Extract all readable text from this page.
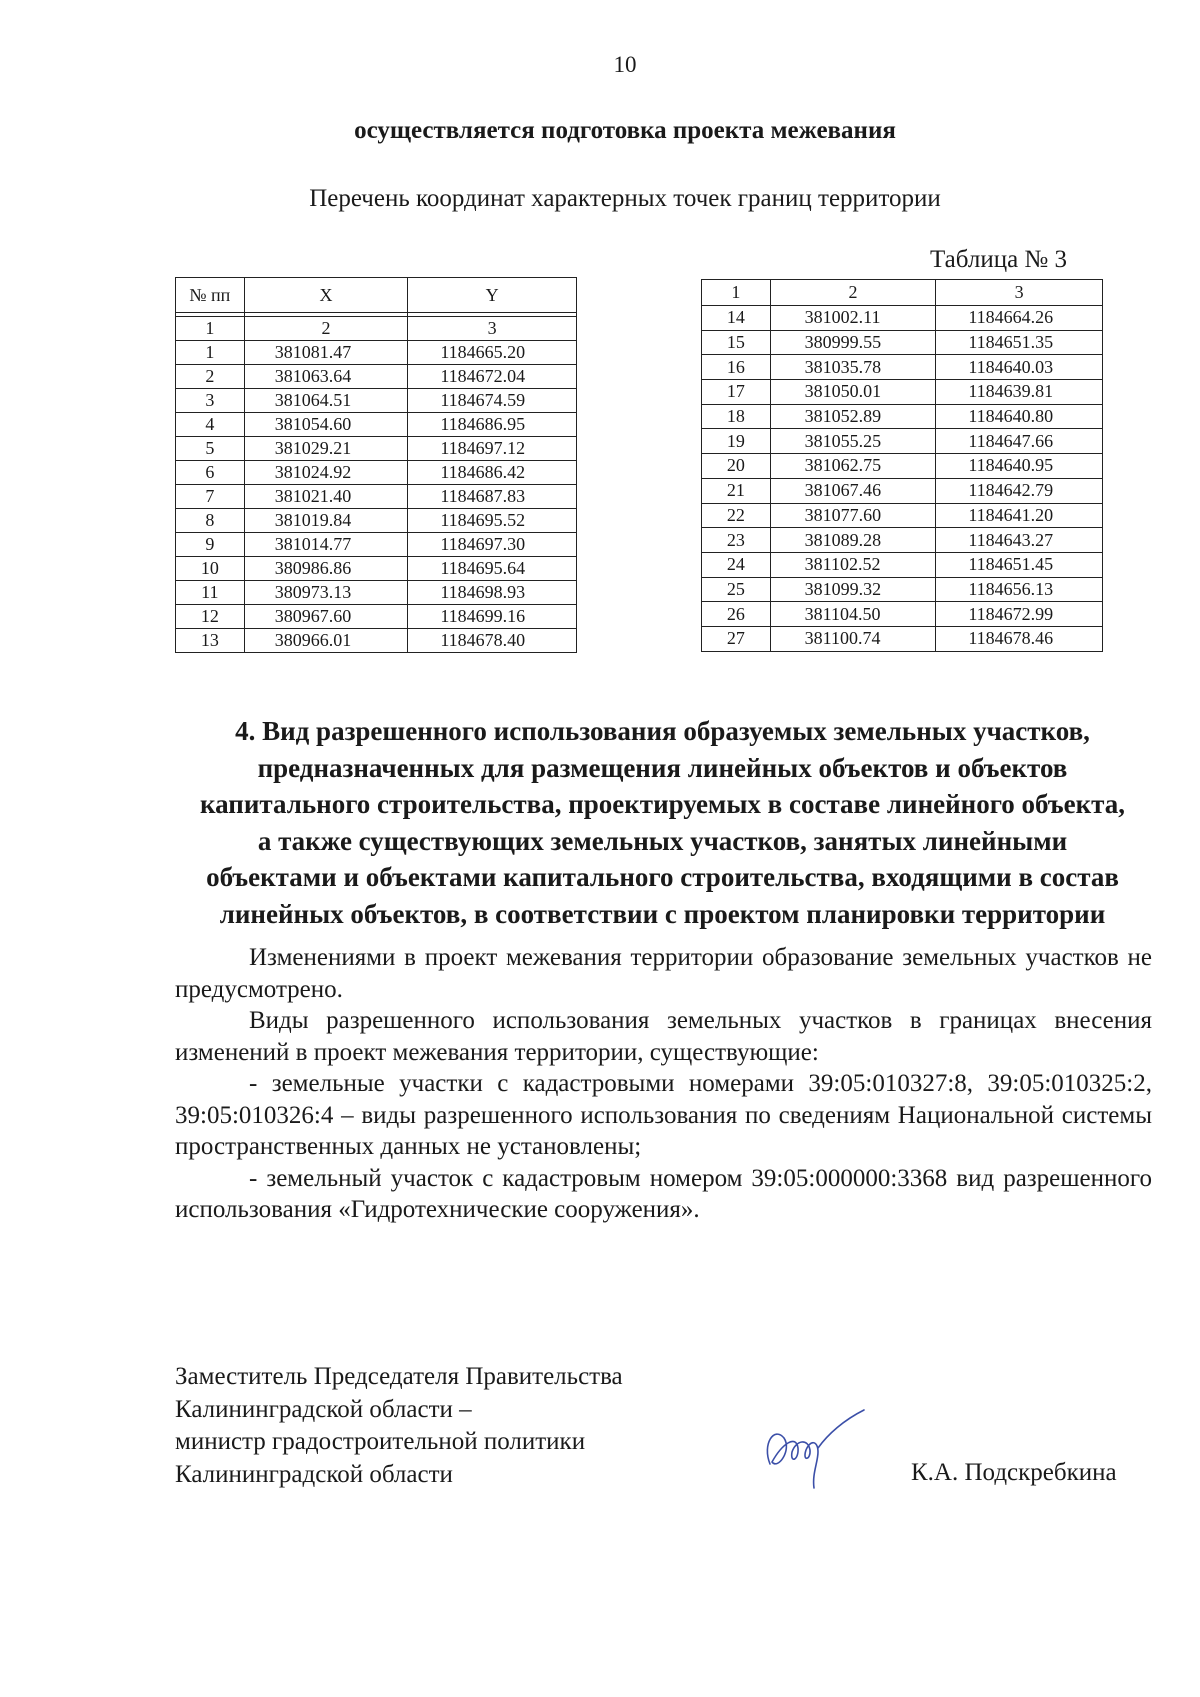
10
осуществляется подготовка проекта межевания
Перечень координат характерных точек границ территории
Таблица № 3
№ пп	X	Y

1	2	3
1	381081.47	1184665.20
2	381063.64	1184672.04
3	381064.51	1184674.59
4	381054.60	1184686.95
5	381029.21	1184697.12
6	381024.92	1184686.42
7	381021.40	1184687.83
8	381019.84	1184695.52
9	381014.77	1184697.30
10	380986.86	1184695.64
11	380973.13	1184698.93
12	380967.60	1184699.16
13	380966.01	1184678.40
1	2	3
14	381002.11	1184664.26
15	380999.55	1184651.35
16	381035.78	1184640.03
17	381050.01	1184639.81
18	381052.89	1184640.80
19	381055.25	1184647.66
20	381062.75	1184640.95
21	381067.46	1184642.79
22	381077.60	1184641.20
23	381089.28	1184643.27
24	381102.52	1184651.45
25	381099.32	1184656.13
26	381104.50	1184672.99
27	381100.74	1184678.46
4. Вид разрешенного использования образуемых земельных участков,
предназначенных для размещения линейных объектов и объектов
капитального строительства, проектируемых в составе линейного объекта,
а также существующих земельных участков, занятых линейными
объектами и объектами капитального строительства, входящими в состав
линейных объектов, в соответствии с проектом планировки территории

Изменениями в проект межевания территории образование земельных участков не предусмотрено.

Виды разрешенного использования земельных участков в границах внесения изменений в проект межевания территории, существующие:

- земельные участки с кадастровыми номерами 39:05:010327:8, 39:05:010325:2, 39:05:010326:4 – виды разрешенного использования по сведениям Национальной системы пространственных данных не установлены;

- земельный участок с кадастровым номером 39:05:000000:3368 вид разрешенного использования «Гидротехнические сооружения».

Заместитель Председателя Правительства
Калининградской области –
министр градостроительной политики
Калининградской области	К.А. Подскребкина
